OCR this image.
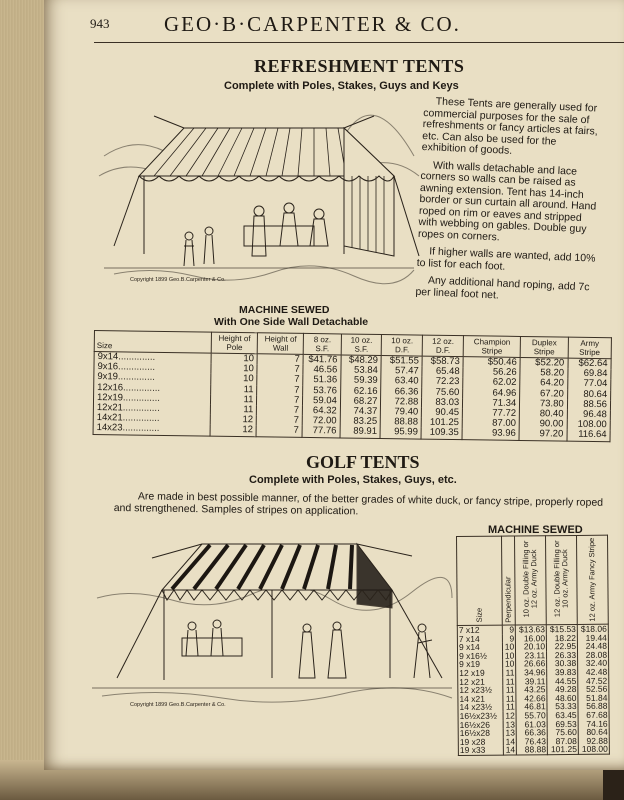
943	GEO·B·CARPENTER & CO.
REFRESHMENT TENTS
Complete with Poles, Stakes, Guys and Keys
Copyright 1899 Geo.B.Carpenter & Co.

These Tents are generally used for commercial purposes for the sale of refreshments or fancy articles at fairs, etc. Can also be used for the exhibition of goods.

With walls detachable and lace corners so walls can be raised as awning extension. Tent has 14-inch border or sun curtain all around. Hand roped on rim or eaves and stripped with webbing on gables. Double guy ropes on corners.

If higher walls are wanted, add 10% to list for each foot.

Any additional hand roping, add 7c per lineal foot net.

MACHINE SEWED
With One Side Wall Detachable
Size	Height of Pole	Height of Wall	8 oz. S.F.	10 oz. S.F.	10 oz. D.F.	12 oz. D.F.	Champion Stripe	Duplex Stripe	Army Stripe
9x14..............	10	7	$41.76	$48.29	$51.55	$58.73	$50.46	$52.20	$62.64
9x16..............	10	7	46.56	53.84	57.47	65.48	56.26	58.20	69.84
9x19..............	10	7	51.36	59.39	63.40	72.23	62.02	64.20	77.04
12x16..............	11	7	53.76	62.16	66.36	75.60	64.96	67.20	80.64
12x19..............	11	7	59.04	68.27	72.88	83.03	71.34	73.80	88.56
12x21..............	11	7	64.32	74.37	79.40	90.45	77.72	80.40	96.48
14x21..............	12	7	72.00	83.25	88.88	101.25	87.00	90.00	108.00
14x23..............	12	7	77.76	89.91	95.99	109.35	93.96	97.20	116.64
GOLF TENTS
Complete with Poles, Stakes, Guys, etc.
Are made in best possible manner, of the better grades of white duck, or fancy stripe, properly roped and strengthened. Samples of stripes on application.
Copyright 1899 Geo.B.Carpenter & Co.
MACHINE SEWED
Size	Perpendicular	10 oz. Double Filling or 12 oz. Army Duck	12 oz. Double Filling or 10 oz. Army Duck	12 oz. Army Fancy Stripe

7 x12	9	$13.63	$15.53	$18.06
7 x14	9	16.00	18.22	19.44
9 x14	10	20.10	22.95	24.48
9 x16½	10	23.11	26.33	28.08
9 x19	10	26.66	30.38	32.40
12 x19	11	34.96	39.83	42.48
12 x21	11	39.11	44.55	47.52
12 x23½	11	43.25	49.28	52.56
14 x21	11	42.66	48.60	51.84
14 x23½	11	46.81	53.33	56.88
16½x23½	12	55.70	63.45	67.68
16½x26	13	61.03	69.53	74.16
16½x28	13	66.36	75.60	80.64
19 x28	14	76.43	87.08	92.88
19 x33	14	88.88	101.25	108.00
